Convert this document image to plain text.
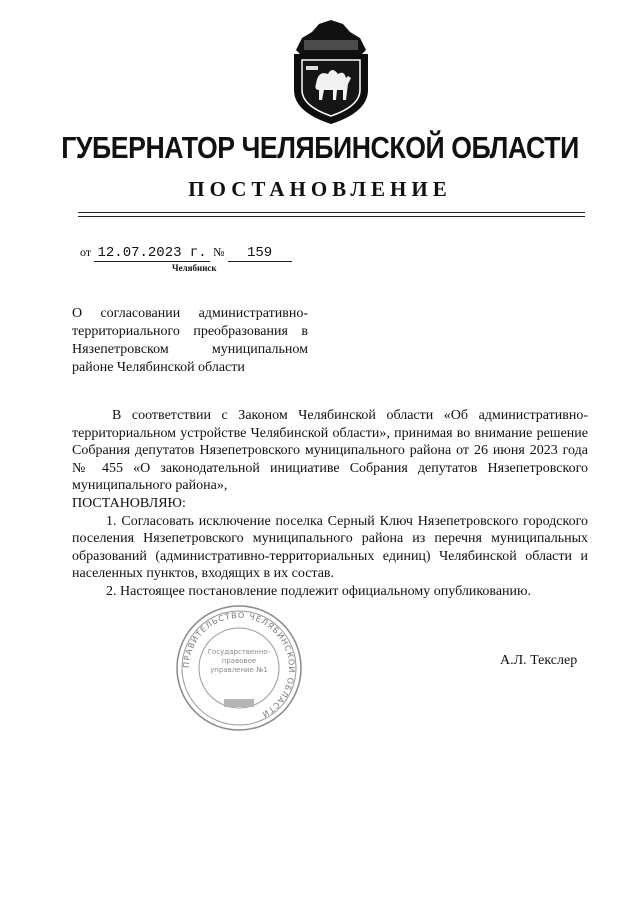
ГУБЕРНАТОР ЧЕЛЯБИНСКОЙ ОБЛАСТИ
ПОСТАНОВЛЕНИЕ
от 12.07.2023 г. № 159
Челябинск
О согласовании административно-территориального преобразования в Нязепетровском муниципальном районе Челябинской области

В соответствии с Законом Челябинской области «Об административно-территориальном устройстве Челябинской области», принимая во внимание решение Собрания депутатов Нязепетровского муниципального района от 26 июня 2023 года № 455 «О законодательной инициативе Собрания депутатов Нязепетровского муниципального района»,

ПОСТАНОВЛЯЮ:

1. Согласовать исключение поселка Серный Ключ Нязепетровского городского поселения Нязепетровского муниципального района из перечня муниципальных образований (административно-территориальных единиц) Челябинской области и населенных пунктов, входящих в их состав.

2. Настоящее постановление подлежит официальному опубликованию.

ПРАВИТЕЛЬСТВО ЧЕЛЯБИНСКОЙ ОБЛАСТИ
Государственно-правовое управление №1
А.Л. Текслер
